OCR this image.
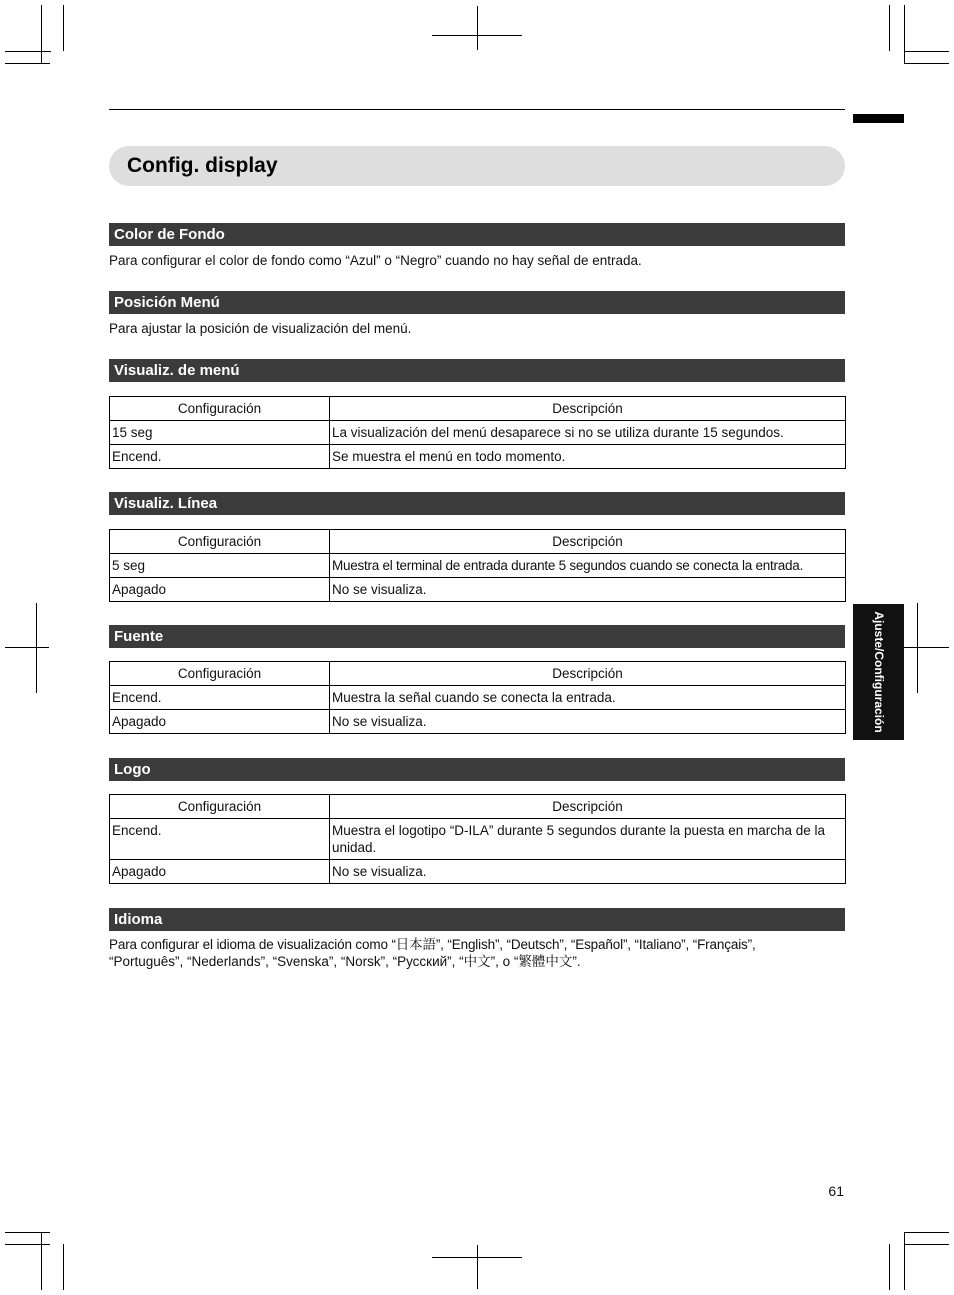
Config. display
Color de Fondo
Para configurar el color de fondo como “Azul” o “Negro” cuando no hay señal de entrada.
Posición Menú
Para ajustar la posición de visualización del menú.
Visualiz. de menú
Configuración	Descripción
15 seg	La visualización del menú desaparece si no se utiliza durante 15 segundos.
Encend.	Se muestra el menú en todo momento.
Visualiz. Línea
Configuración	Descripción
5 seg	Muestra el terminal de entrada durante 5 segundos cuando se conecta la entrada.
Apagado	No se visualiza.
Fuente
Configuración	Descripción
Encend.	Muestra la señal cuando se conecta la entrada.
Apagado	No se visualiza.
Logo
Configuración	Descripción
Encend.	Muestra el logotipo “D-ILA” durante 5 segundos durante la puesta en marcha de la unidad.
Apagado	No se visualiza.
Idioma
Para configurar el idioma de visualización como “日本語”, “English”, “Deutsch”, “Español”, “Italiano”, “Français”,
“Português”, “Nederlands”, “Svenska”, “Norsk”, “Русский”, “中文”, o “繁體中文”.
Ajuste/Configuración
61
